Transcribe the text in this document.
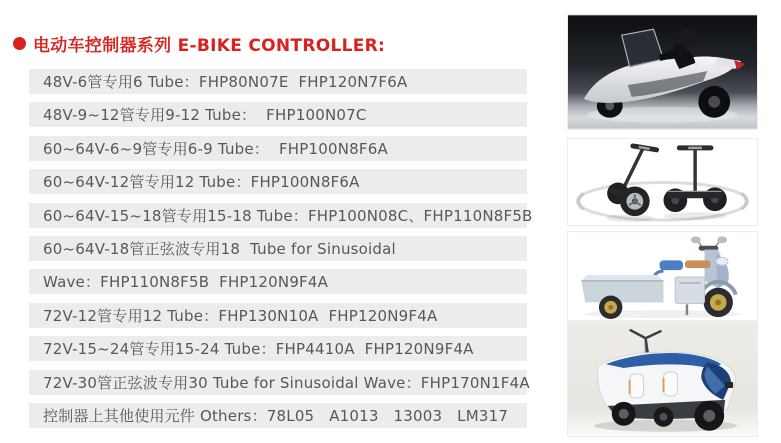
电动车控制器系列 E-BIKE CONTROLLER:
48V-6管专用6 Tube：FHP80N07E  FHP120N7F6A
48V-9~12管专用9-12 Tube：  FHP100N07C
60~64V-6~9管专用6-9 Tube：  FHP100N8F6A
60~64V-12管专用12 Tube：FHP100N8F6A
60~64V-15~18管专用15-18 Tube：FHP100N08C、FHP110N8F5B
60~64V-18管正弦波专用18  Tube for Sinusoidal
Wave：FHP110N8F5B  FHP120N9F4A
72V-12管专用12 Tube：FHP130N10A  FHP120N9F4A
72V-15~24管专用15-24 Tube：FHP4410A  FHP120N9F4A
72V-30管正弦波专用30 Tube for Sinusoidal Wave：FHP170N1F4A
控制器上其他使用元件 Others：78L05   A1013   13003   LM317
